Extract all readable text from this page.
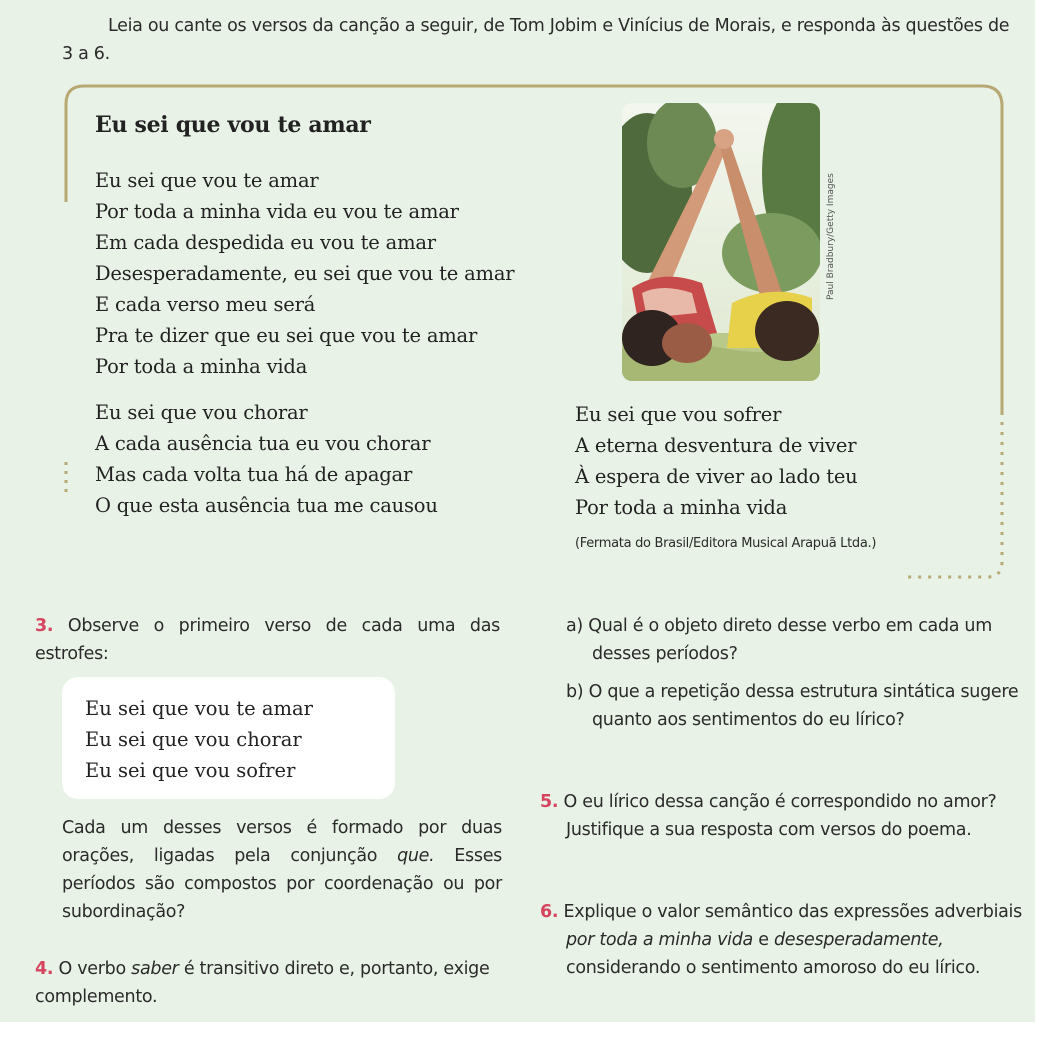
Leia ou cante os versos da canção a seguir, de Tom Jobim e Vinícius de Morais, e responda às questões de 3 a 6.

Eu sei que vou te amar
Eu sei que vou te amar
Por toda a minha vida eu vou te amar
Em cada despedida eu vou te amar
Desesperadamente, eu sei que vou te amar
E cada verso meu será
Pra te dizer que eu sei que vou te amar
Por toda a minha vida
Eu sei que vou chorar
A cada ausência tua eu vou chorar
Mas cada volta tua há de apagar
O que esta ausência tua me causou
Eu sei que vou sofrer
A eterna desventura de viver
À espera de viver ao lado teu
Por toda a minha vida
(Fermata do Brasil/Editora Musical Arapuã Ltda.)
Paul Bradbury/Getty Images
3. Observe o primeiro verso de cada uma das estrofes:
Eu sei que vou te amar
Eu sei que vou chorar
Eu sei que vou sofrer
Cada um desses versos é formado por duas orações, ligadas pela conjunção que. Esses períodos são compostos por coordenação ou por subordinação?
4. O verbo saber é transitivo direto e, portanto, exige complemento.
a) Qual é o objeto direto desse verbo em cada um desses períodos?
b) O que a repetição dessa estrutura sintática sugere quanto aos sentimentos do eu lírico?
5. O eu lírico dessa canção é correspondido no amor? Justifique a sua resposta com versos do poema.
6. Explique o valor semântico das expressões adverbiais por toda a minha vida e desesperadamente, considerando o sentimento amoroso do eu lírico.
